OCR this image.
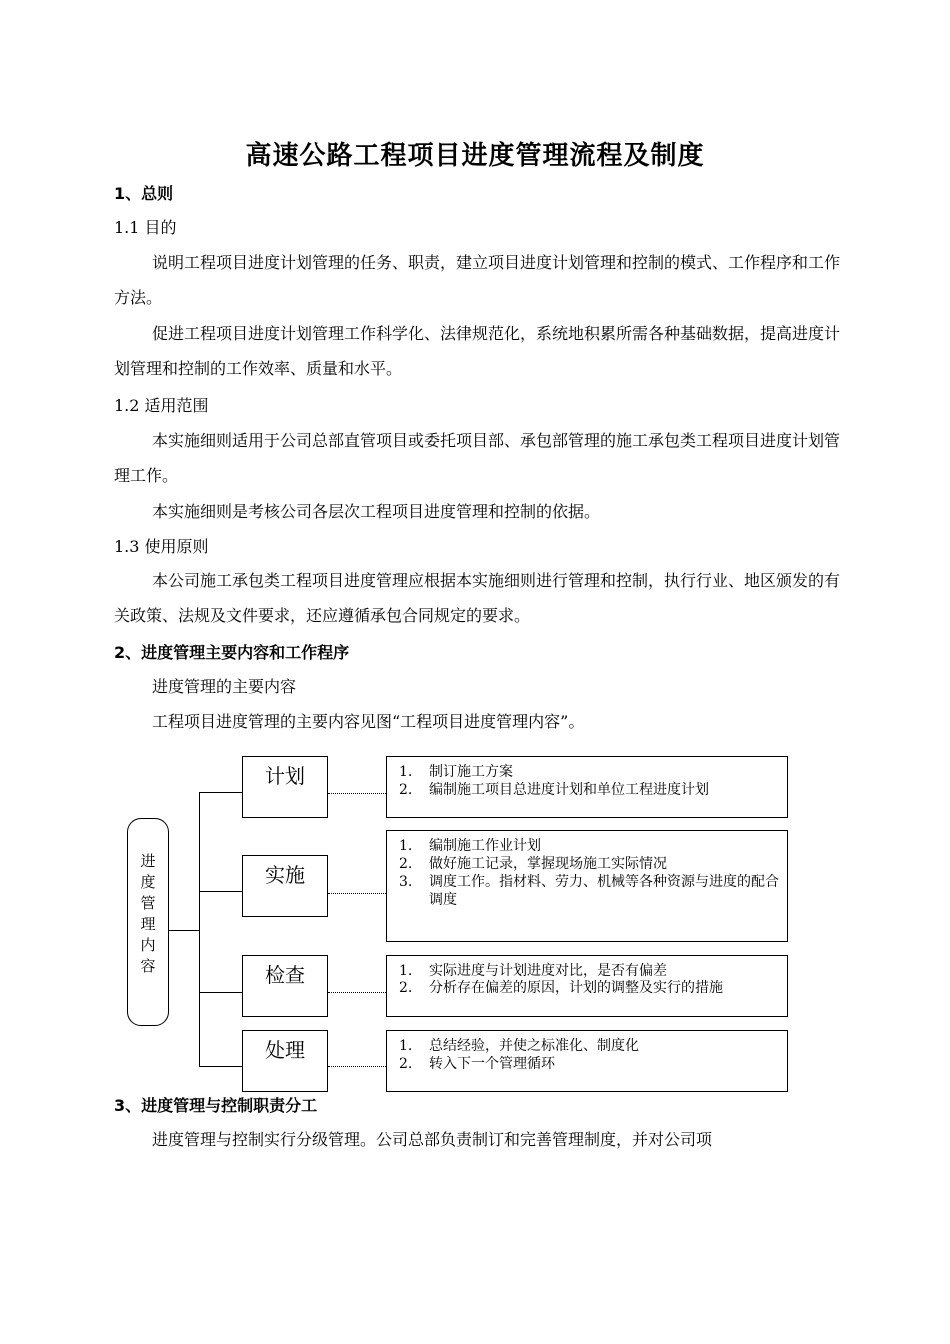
高速公路工程项目进度管理流程及制度
1、总则
1.1 目的

说明工程项目进度计划管理的任务、职责，建立项目进度计划管理和控制的模式、工作程序和工作方法。

促进工程项目进度计划管理工作科学化、法律规范化，系统地积累所需各种基础数据，提高进度计划管理和控制的工作效率、质量和水平。

1.2 适用范围

本实施细则适用于公司总部直管项目或委托项目部、承包部管理的施工承包类工程项目进度计划管理工作。

本实施细则是考核公司各层次工程项目进度管理和控制的依据。

1.3 使用原则

本公司施工承包类工程项目进度管理应根据本实施细则进行管理和控制，执行行业、地区颁发的有关政策、法规及文件要求，还应遵循承包合同规定的要求。

2、进度管理主要内容和工作程序

进度管理的主要内容

工程项目进度管理的主要内容见图“工程项目进度管理内容”。

进
度
管
理
内
容
计划
实施
检查
处理
1. 制订施工方案
2. 编制施工项目总进度计划和单位工程进度计划
1. 编制施工作业计划
2. 做好施工记录，掌握现场施工实际情况
3. 调度工作。指材料、劳力、机械等各种资源与进度的配合调度
1. 实际进度与计划进度对比，是否有偏差
2. 分析存在偏差的原因，计划的调整及实行的措施
1. 总结经验，并使之标准化、制度化
2. 转入下一个管理循环
3、进度管理与控制职责分工

进度管理与控制实行分级管理。公司总部负责制订和完善管理制度，并对公司项
